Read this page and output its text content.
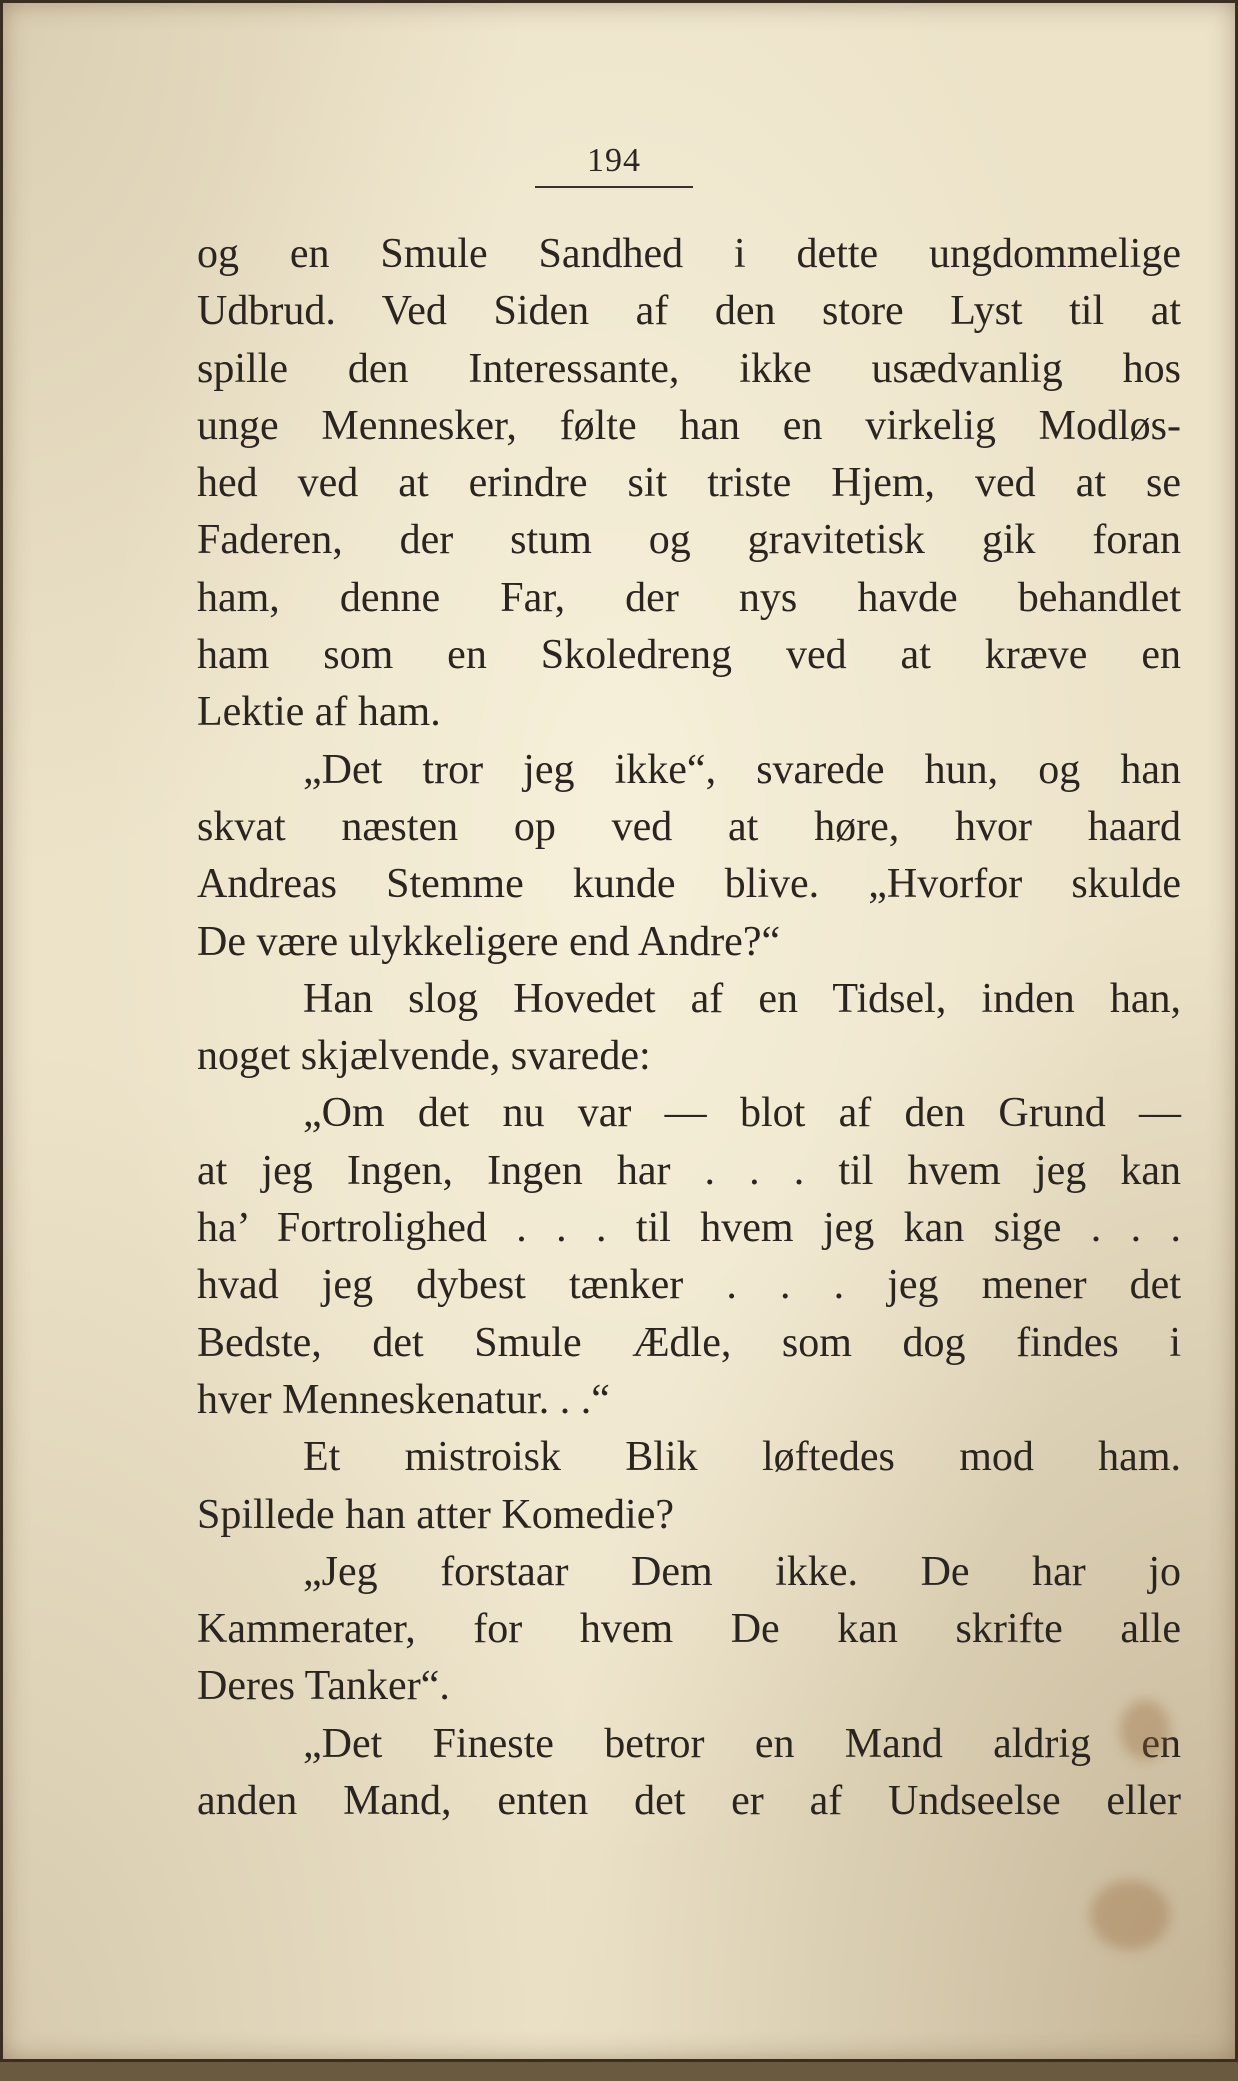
194
og en Smule Sandhed i dette ungdommelige
Udbrud. Ved Siden af den store Lyst til at
spille den Interessante, ikke usædvanlig hos
unge Mennesker, følte han en virkelig Modløs-
hed ved at erindre sit triste Hjem, ved at se
Faderen, der stum og gravitetisk gik foran
ham, denne Far, der nys havde behandlet
ham som en Skoledreng ved at kræve en
Lektie af ham.
„Det tror jeg ikke“, svarede hun, og han
skvat næsten op ved at høre, hvor haard
Andreas Stemme kunde blive. „Hvorfor skulde
De være ulykkeligere end Andre?“
Han slog Hovedet af en Tidsel, inden han,
noget skjælvende, svarede:
„Om det nu var — blot af den Grund —
at jeg Ingen, Ingen har . . . til hvem jeg kan
ha’ Fortrolighed . . . til hvem jeg kan sige . . .
hvad jeg dybest tænker . . . jeg mener det
Bedste, det Smule Ædle, som dog findes i
hver Menneskenatur. . .“
Et mistroisk Blik løftedes mod ham.
Spillede han atter Komedie?
„Jeg forstaar Dem ikke. De har jo
Kammerater, for hvem De kan skrifte alle
Deres Tanker“.
„Det Fineste betror en Mand aldrig en
anden Mand, enten det er af Undseelse eller
